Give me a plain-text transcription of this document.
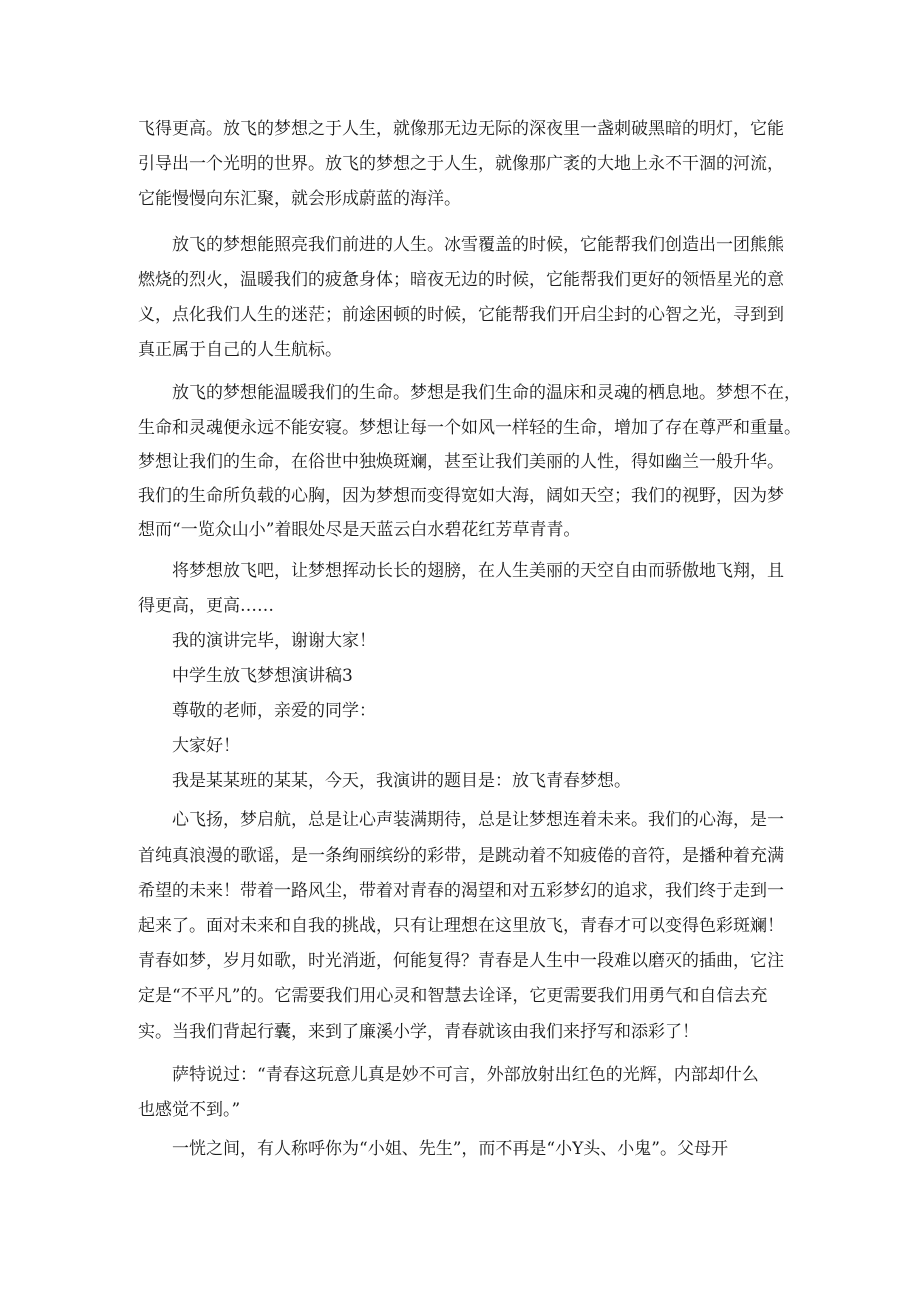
飞得更高。放飞的梦想之于人生，就像那无边无际的深夜里一盏刺破黑暗的明灯，它能
引导出一个光明的世界。放飞的梦想之于人生，就像那广袤的大地上永不干涸的河流，
它能慢慢向东汇聚，就会形成蔚蓝的海洋。
放飞的梦想能照亮我们前进的人生。冰雪覆盖的时候，它能帮我们创造出一团熊熊
燃烧的烈火，温暖我们的疲惫身体；暗夜无边的时候，它能帮我们更好的领悟星光的意
义，点化我们人生的迷茫；前途困顿的时候，它能帮我们开启尘封的心智之光，寻到到
真正属于自己的人生航标。
放飞的梦想能温暖我们的生命。梦想是我们生命的温床和灵魂的栖息地。梦想不在，
生命和灵魂便永远不能安寝。梦想让每一个如风一样轻的生命，增加了存在尊严和重量。
梦想让我们的生命，在俗世中独焕斑斓，甚至让我们美丽的人性，得如幽兰一般升华。
我们的生命所负载的心胸，因为梦想而变得宽如大海，阔如天空；我们的视野，因为梦
想而“一览众山小”着眼处尽是天蓝云白水碧花红芳草青青。
将梦想放飞吧，让梦想挥动长长的翅膀，在人生美丽的天空自由而骄傲地飞翔，且
得更高，更高……
我的演讲完毕，谢谢大家！
中学生放飞梦想演讲稿3
尊敬的老师，亲爱的同学：
大家好！
我是某某班的某某，今天，我演讲的题目是：放飞青春梦想。
心飞扬，梦启航，总是让心声装满期待，总是让梦想连着未来。我们的心海，是一
首纯真浪漫的歌谣，是一条绚丽缤纷的彩带，是跳动着不知疲倦的音符，是播种着充满
希望的未来！带着一路风尘，带着对青春的渴望和对五彩梦幻的追求，我们终于走到一
起来了。面对未来和自我的挑战，只有让理想在这里放飞，青春才可以变得色彩斑斓！
青春如梦，岁月如歌，时光消逝，何能复得？青春是人生中一段难以磨灭的插曲，它注
定是“不平凡”的。它需要我们用心灵和智慧去诠译，它更需要我们用勇气和自信去充
实。当我们背起行囊，来到了廉溪小学，青春就该由我们来抒写和添彩了！
萨特说过：“青春这玩意儿真是妙不可言，外部放射出红色的光辉，内部却什么
也感觉不到。”
一恍之间，有人称呼你为“小姐、先生”，而不再是“小Y头、小鬼”。父母开
